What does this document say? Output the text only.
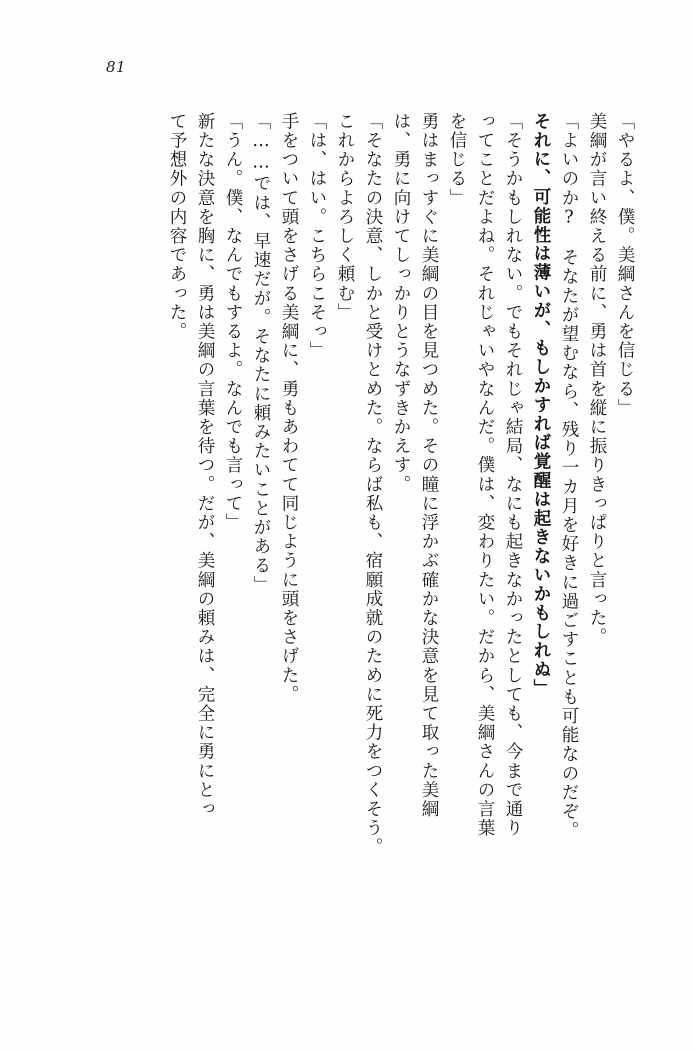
81
「やるよ、僕。美綱さんを信じる」
美綱が言い終える前に、勇は首を縦に振りきっぱりと言った。
「よいのか?　そなたが望むなら、残り一カ月を好きに過ごすことも可能なのだぞ。
それに、可能性は薄いが、もしかすれば覚醒は起きないかもしれぬ」
「そうかもしれない。でもそれじゃ結局、なにも起きなかったとしても、今まで通り
ってことだよね。それじゃいやなんだ。僕は、変わりたい。だから、美綱さんの言葉
を信じる」
勇はまっすぐに美綱の目を見つめた。その瞳に浮かぶ確かな決意を見て取った美綱
は、勇に向けてしっかりとうなずきかえす。
「そなたの決意、しかと受けとめた。ならば私も、宿願成就のために死力をつくそう。
これからよろしく頼む」
「は、はい。こちらこそっ」
手をついて頭をさげる美綱に、勇もあわてて同じように頭をさげた。
「……では、早速だが。そなたに頼みたいことがある」
「うん。僕、なんでもするよ。なんでも言って」
新たな決意を胸に、勇は美綱の言葉を待つ。だが、美綱の頼みは、完全に勇にとっ
て予想外の内容であった。
